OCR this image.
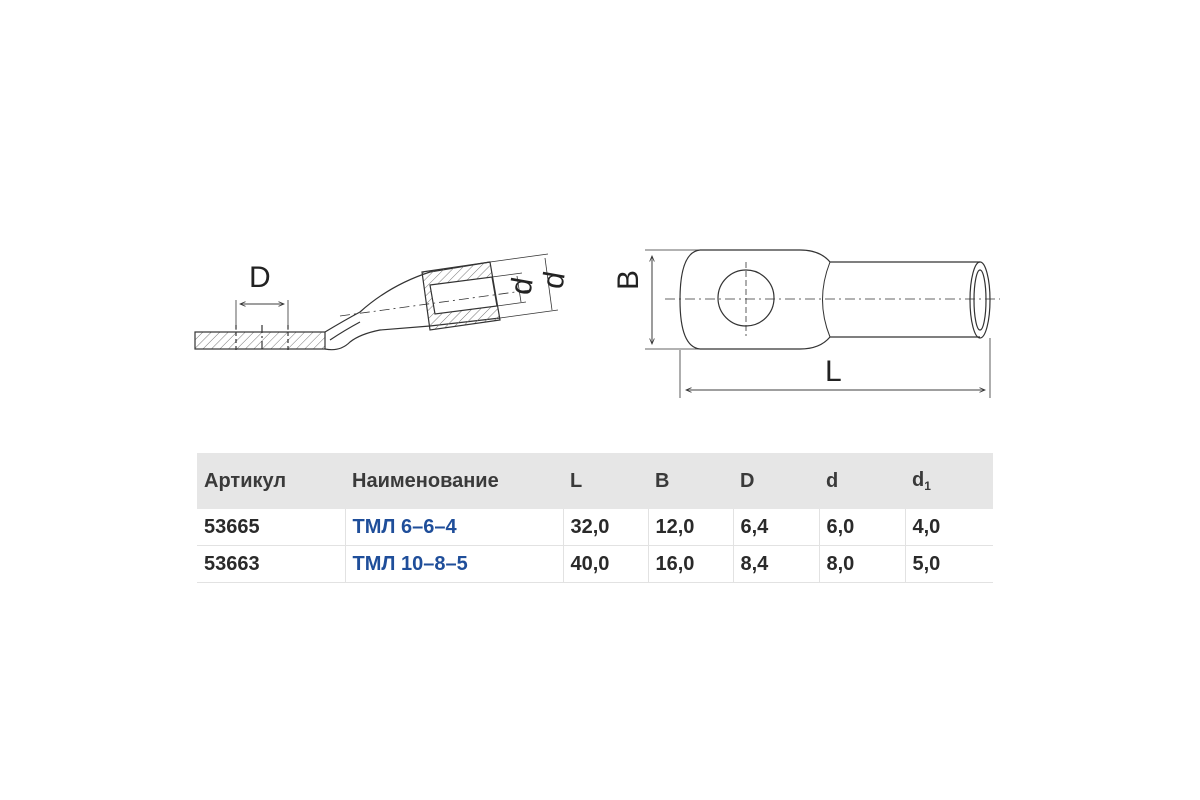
D	d
d B
L
Артикул	Наименование	L	B	D	d	$d_1$
53665	ТМЛ 6–6–4	32,0	12,0	6,4	6,0	4,0
53663	ТМЛ 10–8–5	40,0	16,0	8,4	8,0	5,0
